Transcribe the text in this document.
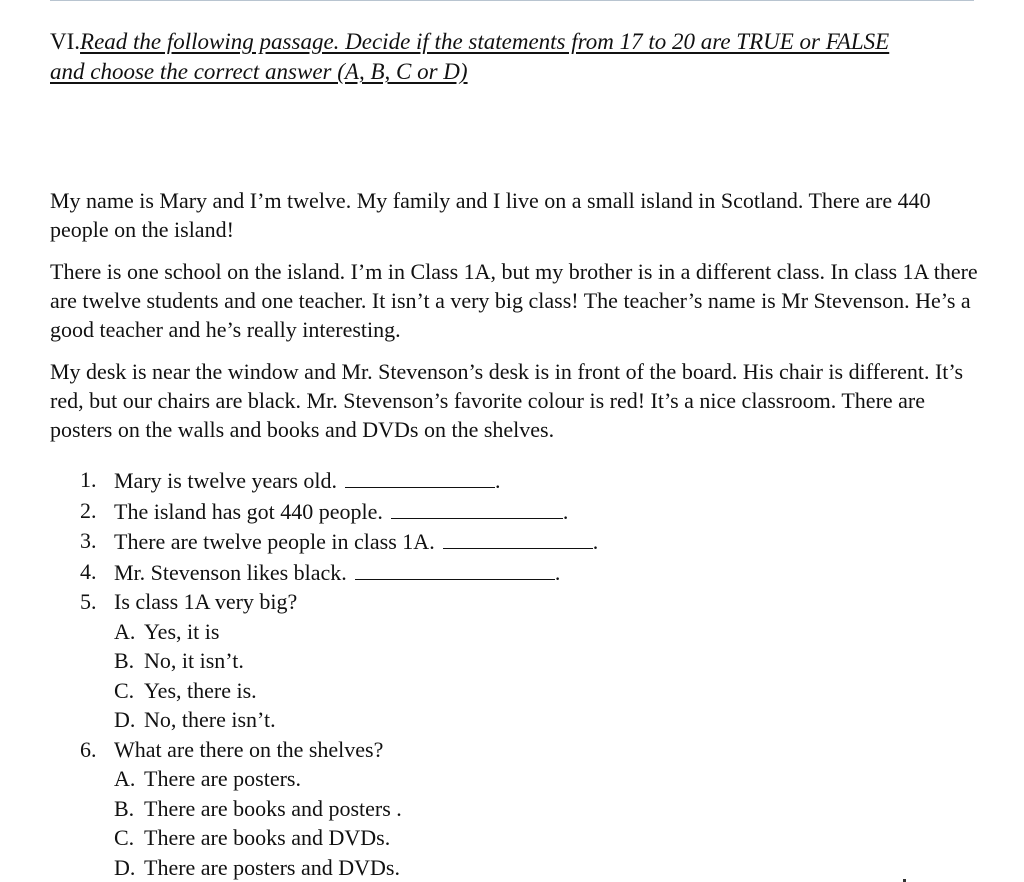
VI.Read the following passage. Decide if the statements from 17 to 20 are TRUE or FALSE
and choose the correct answer (A, B, C or D)

My name is Mary and I’m twelve. My family and I live on a small island in Scotland. There are 440 people on the island!

There is one school on the island. I’m in Class 1A, but my brother is in a different class. In class 1A there are twelve students and one teacher. It isn’t a very big class! The teacher’s name is Mr Stevenson. He’s a good teacher and he’s really interesting.

My desk is near the window and Mr. Stevenson’s desk is in front of the board. His chair is different. It’s red, but our chairs are black. Mr. Stevenson’s favorite colour is red! It’s a nice classroom. There are posters on the walls and books and DVDs on the shelves.

1. Mary is twelve years old.	.
2. The island has got 440 people.	.
3. There are twelve people in class 1A.	.
4. Mr. Stevenson likes black.	.
5. Is class 1A very big?
A. Yes, it is
B. No, it isn’t.
C. Yes, there is.
D. No, there isn’t.
6. What are there on the shelves?
A. There are posters.
B. There are books and posters .
C. There are books and DVDs.
D. There are posters and DVDs.
